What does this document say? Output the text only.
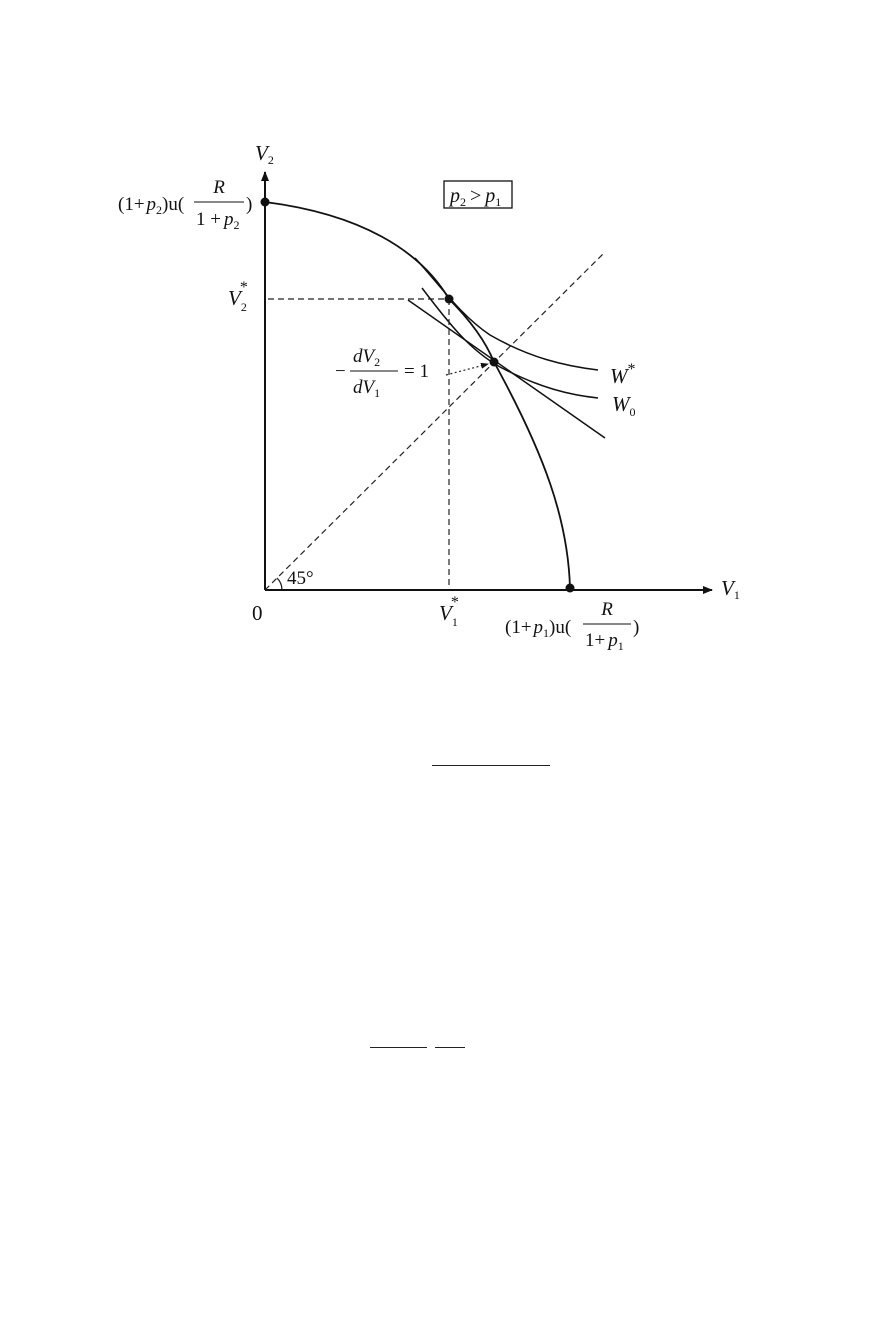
$p_2 > p_1$
V2
V1
0
45°
$(1+ p_2)u$(
R
$1 + p_2$
)
$(1+ p_1)u$(
R
$1+ p_1$
)
$V_2*$
$V_1*$
−
$dV_2$
$dV_1$
= 1	W*
$W_0$
